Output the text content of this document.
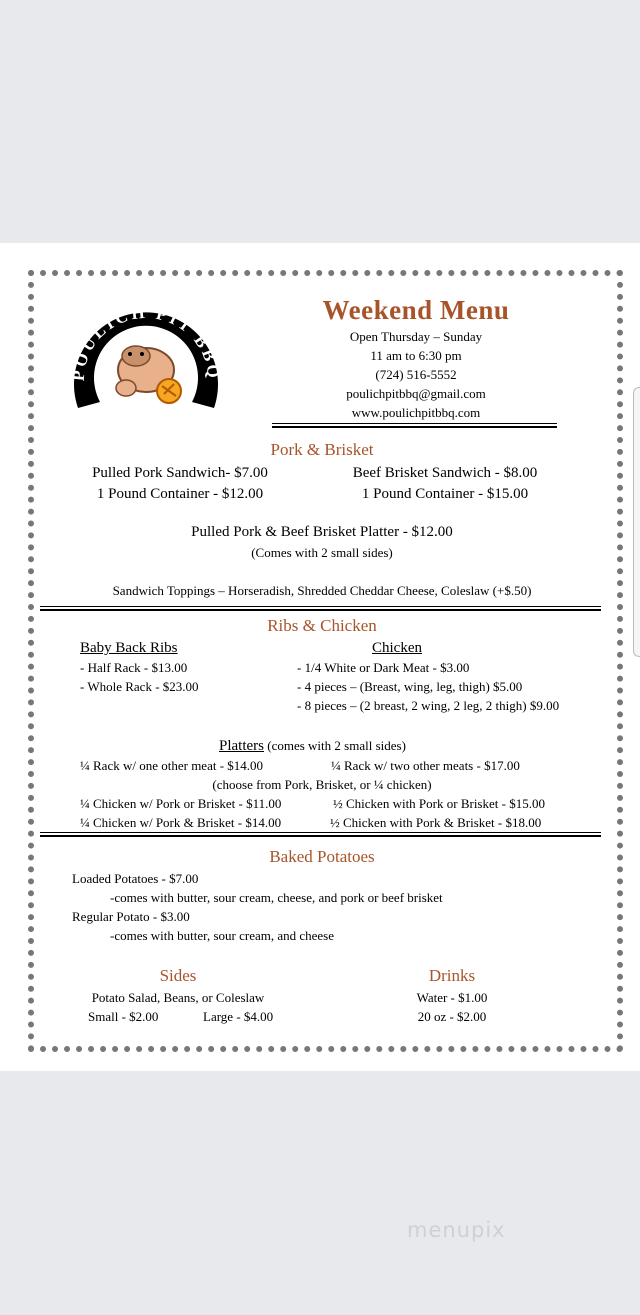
POULICH PIT BBQ
Weekend Menu
Open Thursday – Sunday
11 am to 6:30 pm
(724) 516-5552
poulichpitbbq@gmail.com
www.poulichpitbbq.com
Pork & Brisket
Pulled Pork Sandwich- $7.00
1 Pound Container - $12.00
Beef Brisket Sandwich - $8.00
1 Pound Container - $15.00
Pulled Pork & Beef Brisket Platter - $12.00
(Comes with 2 small sides)
Sandwich Toppings – Horseradish, Shredded Cheddar Cheese, Coleslaw (+$.50)
Ribs & Chicken
Baby Back Ribs
- Half Rack - $13.00
- Whole Rack - $23.00
Chicken
- 1/4 White or Dark Meat - $3.00
- 4 pieces – (Breast, wing, leg, thigh) $5.00
- 8 pieces – (2 breast, 2 wing, 2 leg, 2 thigh) $9.00
Platters (comes with 2 small sides)
¼ Rack w/ one other meat - $14.00	¼ Rack w/ two other meats - $17.00
(choose from Pork, Brisket, or ¼ chicken)
¼ Chicken w/ Pork or Brisket - $11.00	½ Chicken with Pork or Brisket - $15.00
¼ Chicken w/ Pork & Brisket - $14.00	½ Chicken with Pork & Brisket - $18.00
Baked Potatoes
Loaded Potatoes - $7.00
-comes with butter, sour cream, cheese, and pork or beef brisket
Regular Potato - $3.00
-comes with butter, sour cream, and cheese
Sides
Potato Salad, Beans, or Coleslaw
Small - $2.00	Large - $4.00
Drinks
Water - $1.00
20 oz - $2.00
menupix
